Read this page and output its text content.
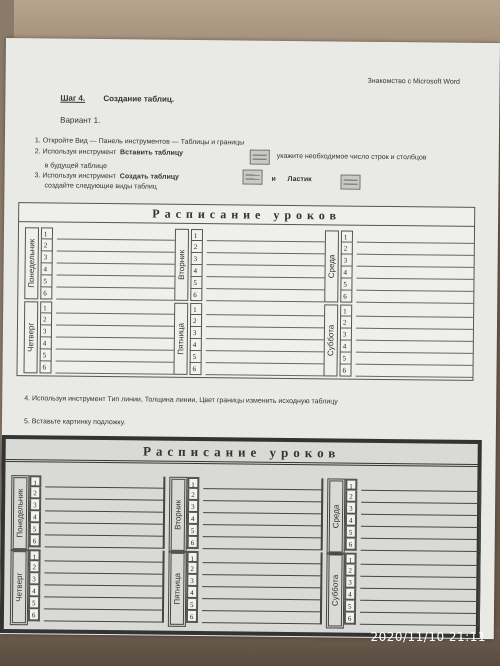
Знакомство с Microsoft Word
Шаг 4. Создание таблиц.
Вариант 1.
1. Откройте Вид — Панель инструментов — Таблицы и границы
2. Используя инструмент Вставить таблицу	укажите необходимое число строк и столбцов
в будущей таблице
3. Используя инструмент Создать таблицу	и Ластик
создайте следующие виды таблиц
Расписание уроков
Понедельник
1
2
3
4
5
6
Вторник
1
2
3
4
5
6
Среда
1
2
3
4
5
6
Четверг
1
2
3
4
5
6
Пятница
1
2
3
4
5
6
Суббота
1
2
3
4
5
6
4. Используя инструмент Тип линии, Толщина линии, Цвет границы изменить исходную таблицу
5. Вставьте картинку подложку.
Расписание уроков
Понедельник
1
2
3
4
5
6
Вторник
1
2
3
4
5
6
Среда
1
2
3
4
5
6
Четверг
1
2
3
4
5
6
Пятница
1
2
3
4
5
6
Суббота
1
2
3
4
5
6
2020/11/10 21:11
